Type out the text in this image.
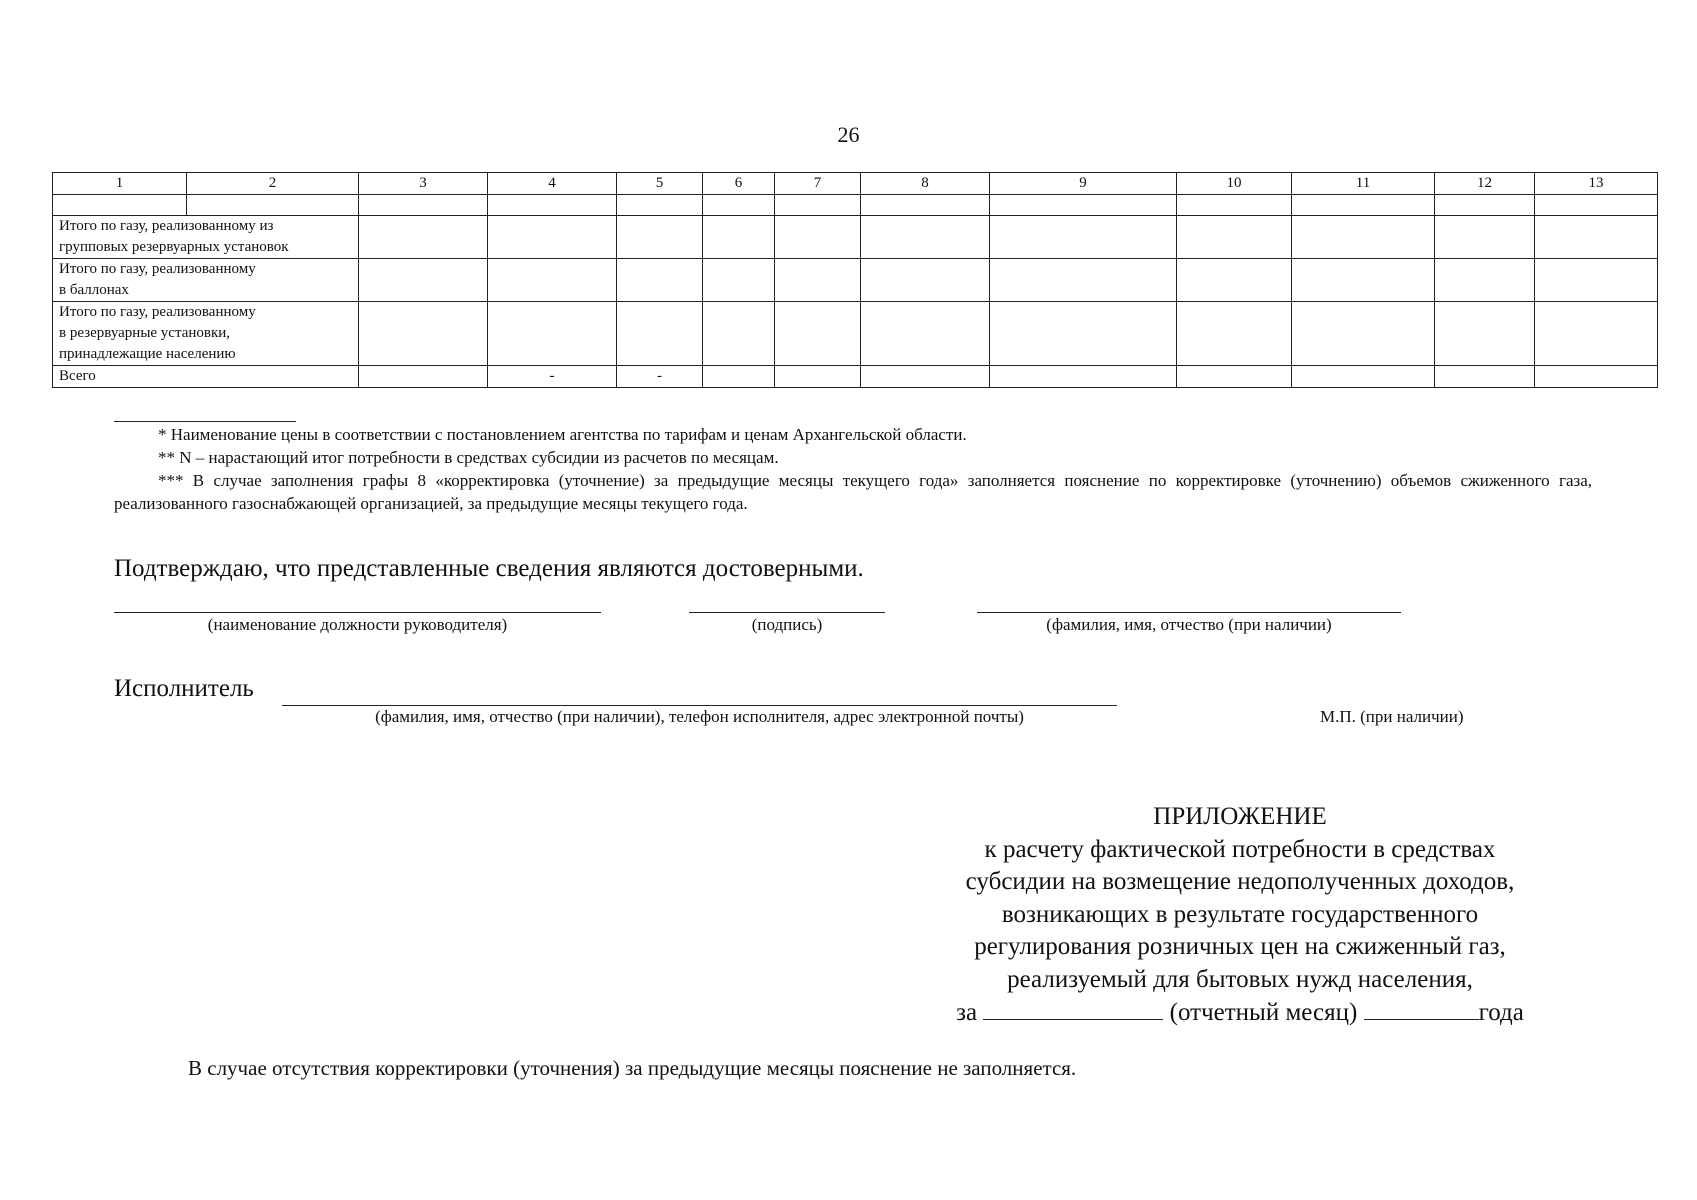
26
1	2	3	4	5	6	7	8	9	10	11	12	13

Итого по газу, реализованному из
групповых резервуарных установок												
Итого по газу, реализованному
в баллонах												
Итого по газу, реализованному
в резервуарные установки,
принадлежащие населению												
Всего			-	-								

* Наименование цены в соответствии с постановлением агентства по тарифам и ценам Архангельской области.

** N – нарастающий итог потребности в средствах субсидии из расчетов по месяцам.

*** В случае заполнения графы 8 «корректировка (уточнение) за предыдущие месяцы текущего года» заполняется пояснение по корректировке (уточнению) объемов сжиженного газа, реализованного газоснабжающей организацией, за предыдущие месяцы текущего года.

Подтверждаю, что представленные сведения являются достоверными.
(наименование должности руководителя)	(подпись)	(фамилия, имя, отчество (при наличии)
Исполнитель
(фамилия, имя, отчество (при наличии), телефон исполнителя, адрес электронной почты)	М.П. (при наличии)
ПРИЛОЖЕНИЕ
к расчету фактической потребности в средствах
субсидии на возмещение недополученных доходов,
возникающих в результате государственного
регулирования розничных цен на сжиженный газ,
реализуемый для бытовых нужд населения,
за	(отчетный месяц)	года
В случае отсутствия корректировки (уточнения) за предыдущие месяцы пояснение не заполняется.
